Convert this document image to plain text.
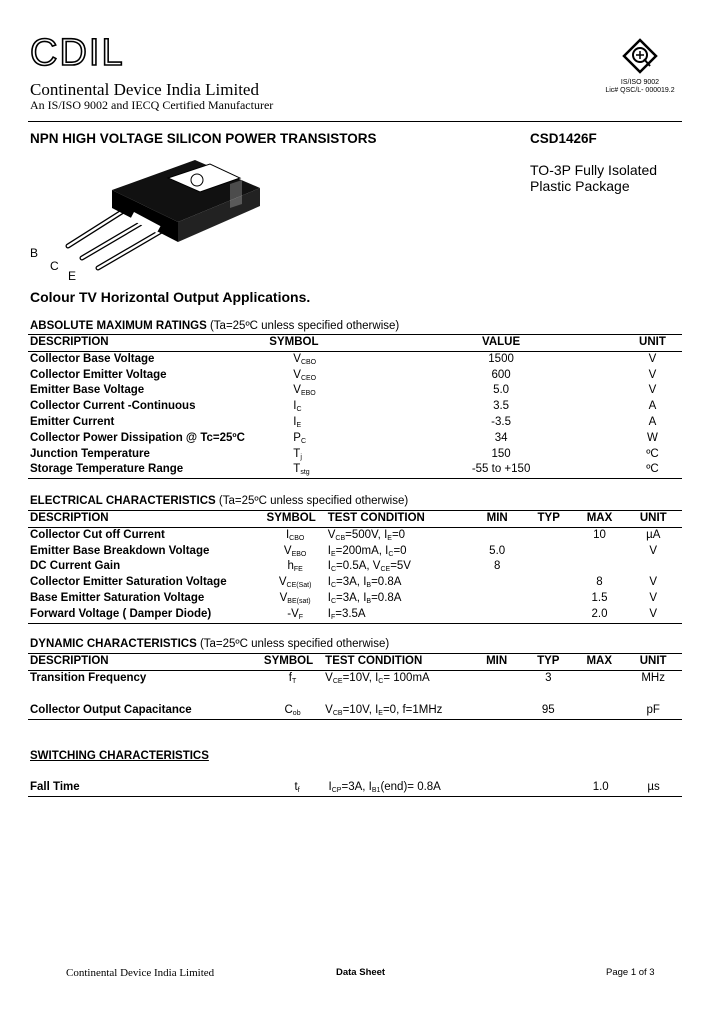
CDIL
Continental Device India Limited
An IS/ISO 9002 and IECQ Certified Manufacturer
IS/ISO 9002
Lic# QSC/L- 000019.2
NPN HIGH VOLTAGE SILICON POWER TRANSISTORS	CSD1426F
TO-3P Fully Isolated
Plastic Package
B
C
E
Colour TV Horizontal Output Applications.
ABSOLUTE MAXIMUM RATINGS (Ta=25ºC unless specified otherwise)
DESCRIPTION	SYMBOL	VALUE	UNIT
Collector Base Voltage	$V_{CBO}$	1500	V
Collector Emitter Voltage	$V_{CEO}$	600	V
Emitter Base Voltage	$V_{EBO}$	5.0	V
Collector Current -Continuous	$I_C$	3.5	A
Emitter Current	$I_E$	-3.5	A
Collector Power Dissipation @ Tc=25ºC	$P_C$	34	W
Junction Temperature	$T_j$	150	ºC
Storage Temperature Range	$T_{stg}$	-55 to +150	ºC
ELECTRICAL CHARACTERISTICS (Ta=25ºC unless specified otherwise)
DESCRIPTION	SYMBOL	TEST CONDITION	MIN	TYP	MAX	UNIT
Collector Cut off Current	$I_{CBO}$	$V_{CB}=500V$, $I_E=0$			10	µA
Emitter Base Breakdown Voltage	$V_{EBO}$	$I_E=200mA$, $I_C=0$	5.0			V
DC Current Gain	$h_{FE}$	$I_C=0.5A$, $V_{CE}=5V$	8			
Collector Emitter Saturation Voltage	$V_{CE(Sat)}$	$I_C=3A$, $I_B=0.8A$			8	V
Base Emitter Saturation Voltage	$V_{BE(sat)}$	$I_C=3A$, $I_B=0.8A$			1.5	V
Forward Voltage ( Damper Diode)	$-V_F$	$I_F=3.5A$			2.0	V
DYNAMIC CHARACTERISTICS (Ta=25ºC unless specified otherwise)
DESCRIPTION	SYMBOL	TEST CONDITION	MIN	TYP	MAX	UNIT
Transition Frequency	$f_T$	$V_{CE}=10V$, $I_C= 100mA$		3		MHz
Collector Output Capacitance	$C_{ob}$	$V_{CB}=10V$, $I_E=0$, f=1MHz		95		pF
SWITCHING CHARACTERISTICS
Fall Time	$t_f$	$I_{CP}=3A$, $I_{B1}(end)= 0.8A$			1.0	µs
Continental Device India Limited	Data Sheet	Page 1 of 3
